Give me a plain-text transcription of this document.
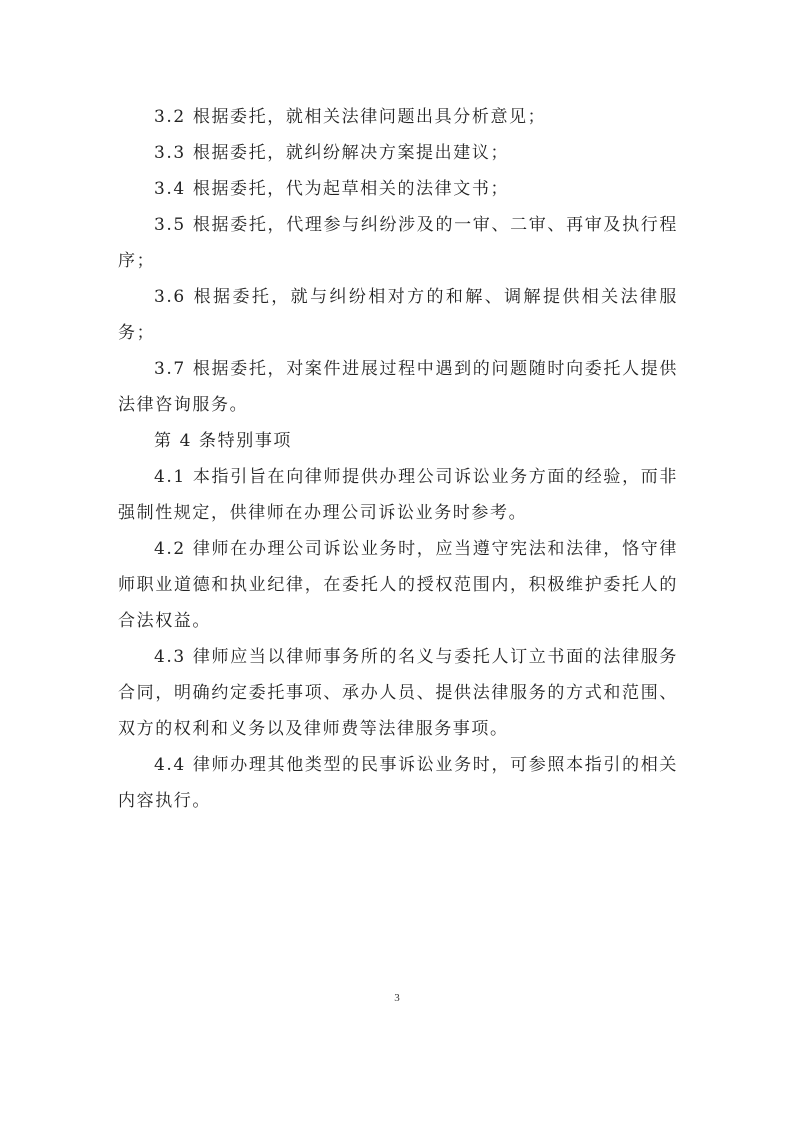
3.2 根据委托，就相关法律问题出具分析意见；

3.3 根据委托，就纠纷解决方案提出建议；

3.4 根据委托，代为起草相关的法律文书；

3.5 根据委托，代理参与纠纷涉及的一审、二审、再审及执行程序；

3.6 根据委托，就与纠纷相对方的和解、调解提供相关法律服务；

3.7 根据委托，对案件进展过程中遇到的问题随时向委托人提供法律咨询服务。

第 4 条特别事项

4.1 本指引旨在向律师提供办理公司诉讼业务方面的经验，而非强制性规定，供律师在办理公司诉讼业务时参考。

4.2 律师在办理公司诉讼业务时，应当遵守宪法和法律，恪守律师职业道德和执业纪律，在委托人的授权范围内，积极维护委托人的合法权益。

4.3 律师应当以律师事务所的名义与委托人订立书面的法律服务合同，明确约定委托事项、承办人员、提供法律服务的方式和范围、双方的权利和义务以及律师费等法律服务事项。

4.4 律师办理其他类型的民事诉讼业务时，可参照本指引的相关内容执行。

3
